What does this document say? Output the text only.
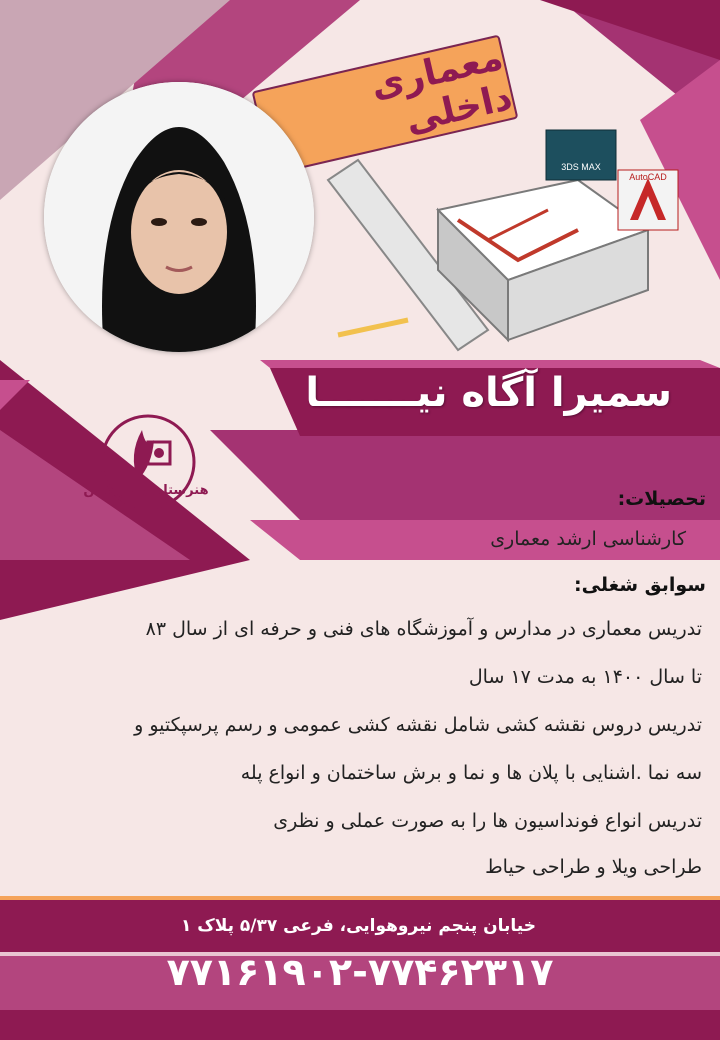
3DS MAX
AutoCAD
معماری داخلی
سمیرا آگاه نیـــــــا
هنرستان راه روشن	تحصیلات:
کارشناسی ارشد معماری
سوابق شغلی:
تدریس معماری در مدارس و آموزشگاه های فنی و حرفه ای از سال ۸۳
تا سال ۱۴۰۰ به مدت ۱۷ سال
تدریس دروس نقشه کشی شامل نقشه کشی عمومی و رسم پرسپکتیو و
سه نما .اشنایی با پلان ها و نما و برش ساختمان و انواع پله
تدریس انواع فونداسیون ها را به صورت عملی و نظری
طراحی ویلا و طراحی حیاط
خیابان پنجم نیروهوایی، فرعی ۵/۳۷ پلاک ۱
۷۷۱۶۱۹۰۲-۷۷۴۶۲۳۱۷
